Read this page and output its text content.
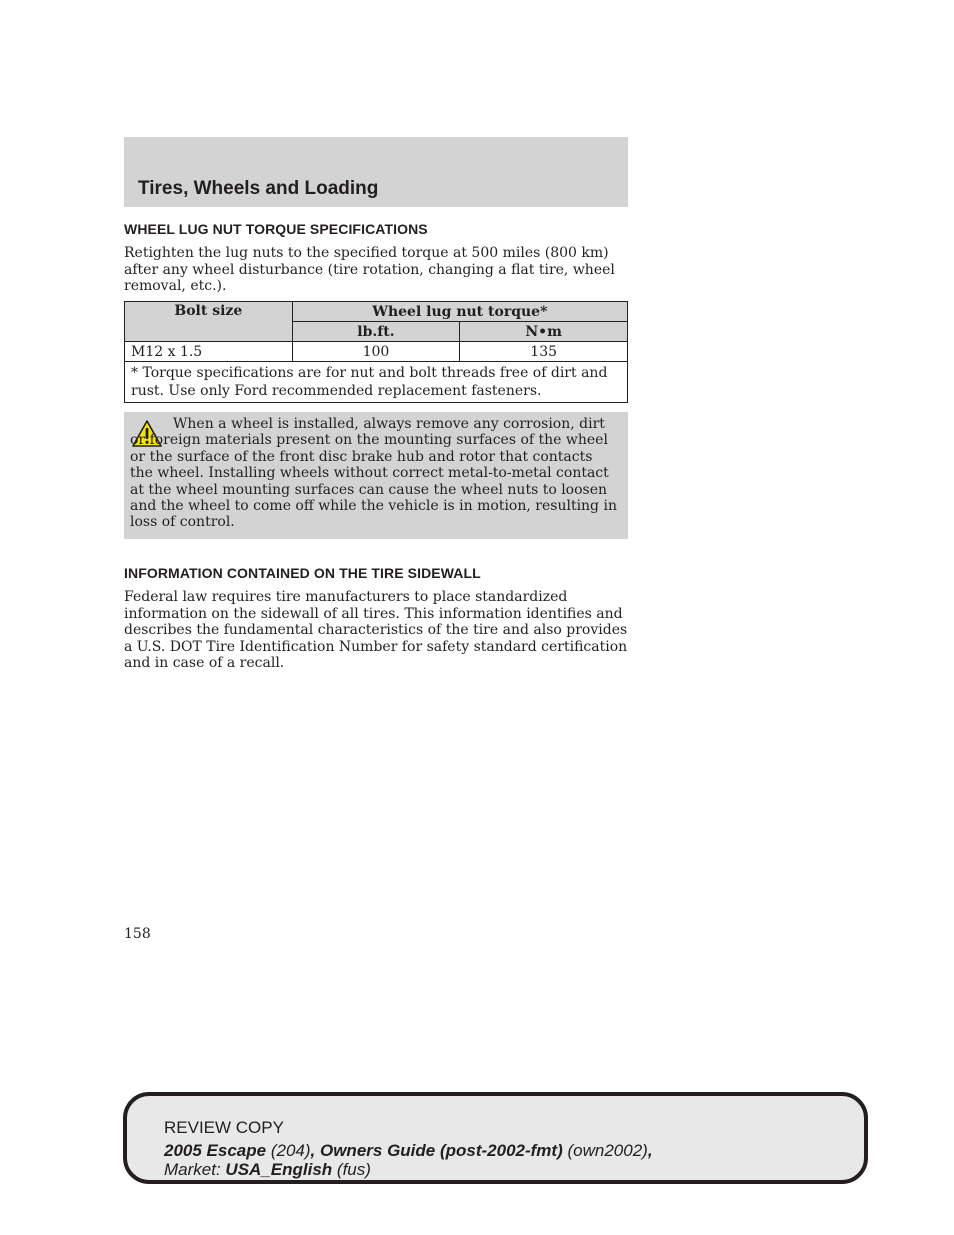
Tires, Wheels and Loading
WHEEL LUG NUT TORQUE SPECIFICATIONS

Retighten the lug nuts to the specified torque at 500 miles (800 km) after any wheel disturbance (tire rotation, changing a flat tire, wheel removal, etc.).

Bolt size	Wheel lug nut torque*	
	lb.ft.	N•m
M12 x 1.5	100	135
* Torque specifications are for nut and bolt threads free of dirt and rust. Use only Ford recommended replacement fasteners.		

When a wheel is installed, always remove any corrosion, dirt or foreign materials present on the mounting surfaces of the wheel or the surface of the front disc brake hub and rotor that contacts the wheel. Installing wheels without correct metal-to-metal contact at the wheel mounting surfaces can cause the wheel nuts to loosen and the wheel to come off while the vehicle is in motion, resulting in loss of control.

INFORMATION CONTAINED ON THE TIRE SIDEWALL

Federal law requires tire manufacturers to place standardized information on the sidewall of all tires. This information identifies and describes the fundamental characteristics of the tire and also provides a U.S. DOT Tire Identification Number for safety standard certification and in case of a recall.

158

REVIEW COPY

2005 Escape (204), Owners Guide (post-2002-fmt) (own2002),

Market: USA_English (fus)
